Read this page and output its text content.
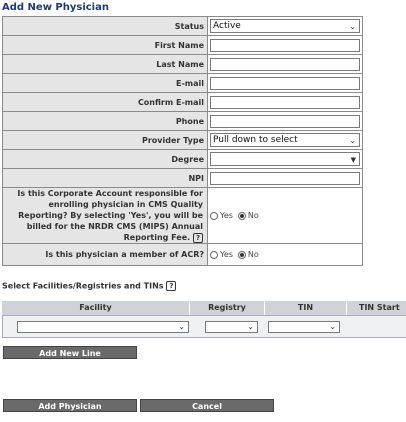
Add New Physician
Status	Active ⌄

First Name	

Last Name	

E-mail	

Confirm E-mail	

Phone	

Provider Type	Pull down to select ⌄

Degree	▼

NPI	

Is this Corporate Account responsible for enrolling physician in CMS Quality Reporting? By selecting 'Yes', you will be billed for the NRDR CMS (MIPS) Annual Reporting Fee. ?	Yes No

Is this physician a member of ACR?	Yes No
Select Facilities/Registries and TINs ?
Facility	Registry	TIN	TIN Start
⌄	⌄	⌄
Add New Line
Add Physician	Cancel
